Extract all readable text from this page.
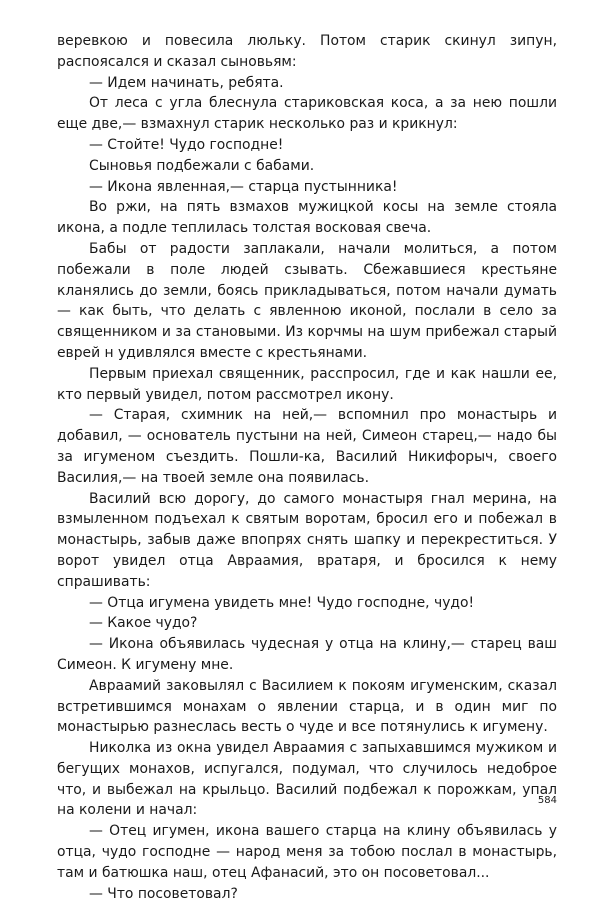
веревкою и повесила люльку. Потом старик скинул зипун, распоясался и сказал сыновьям:

— Идем начинать, ребята.

От леса с угла блеснула стариковская коса, а за нею пошли еще две,— взмахнул старик несколько раз и крикнул:

— Стойте! Чудо господне!

Сыновья подбежали с бабами.

— Икона явленная,— старца пустынника!

Во ржи, на пять взмахов мужицкой косы на земле стояла икона, а подле теплилась толстая восковая свеча.

Бабы от радости заплакали, начали молиться, а потом побежали в поле людей сзывать. Сбежавшиеся крестьяне кланялись до земли, боясь прикладываться, потом начали думать — как быть, что делать с явленною иконой, послали в село за священником и за становыми. Из корчмы на шум прибежал старый еврей н удивлялся вместе с крестьянами.

Первым приехал священник, расспросил, где и как нашли ее, кто первый увидел, потом рассмотрел икону.

— Старая, схимник на ней,— вспомнил про монастырь и добавил, — основатель пустыни на ней, Симеон старец,— надо бы за игуменом съездить. Пошли-ка, Василий Никифорыч, своего Василия,— на твоей земле она появилась.

Василий всю дорогу, до самого монастыря гнал мерина, на взмыленном подъехал к святым воротам, бросил его и побежал в монастырь, забыв даже впопрях снять шапку и перекреститься. У ворот увидел отца Авраамия, вратаря, и бросился к нему спрашивать:

— Отца игумена увидеть мне! Чудо господне, чудо!

— Какое чудо?

— Икона объявилась чудесная у отца на клину,— старец ваш Симеон. К игумену мне.

Авраамий заковылял с Василием к покоям игуменским, сказал встретившимся монахам о явлении старца, и в один миг по монастырью разнеслась весть о чуде и все потянулись к игумену.

Николка из окна увидел Авраамия с запыхавшимся мужиком и бегущих монахов, испугался, подумал, что случилось недоброе что, и выбежал на крыльцо. Василий подбежал к порожкам, упал на колени и начал:

— Отец игумен, икона вашего старца на клину объявилась у отца, чудо господне — народ меня за тобою послал в монастырь, там и батюшка наш, отец Афанасий, это он посоветовал...

— Что посоветовал?

584
